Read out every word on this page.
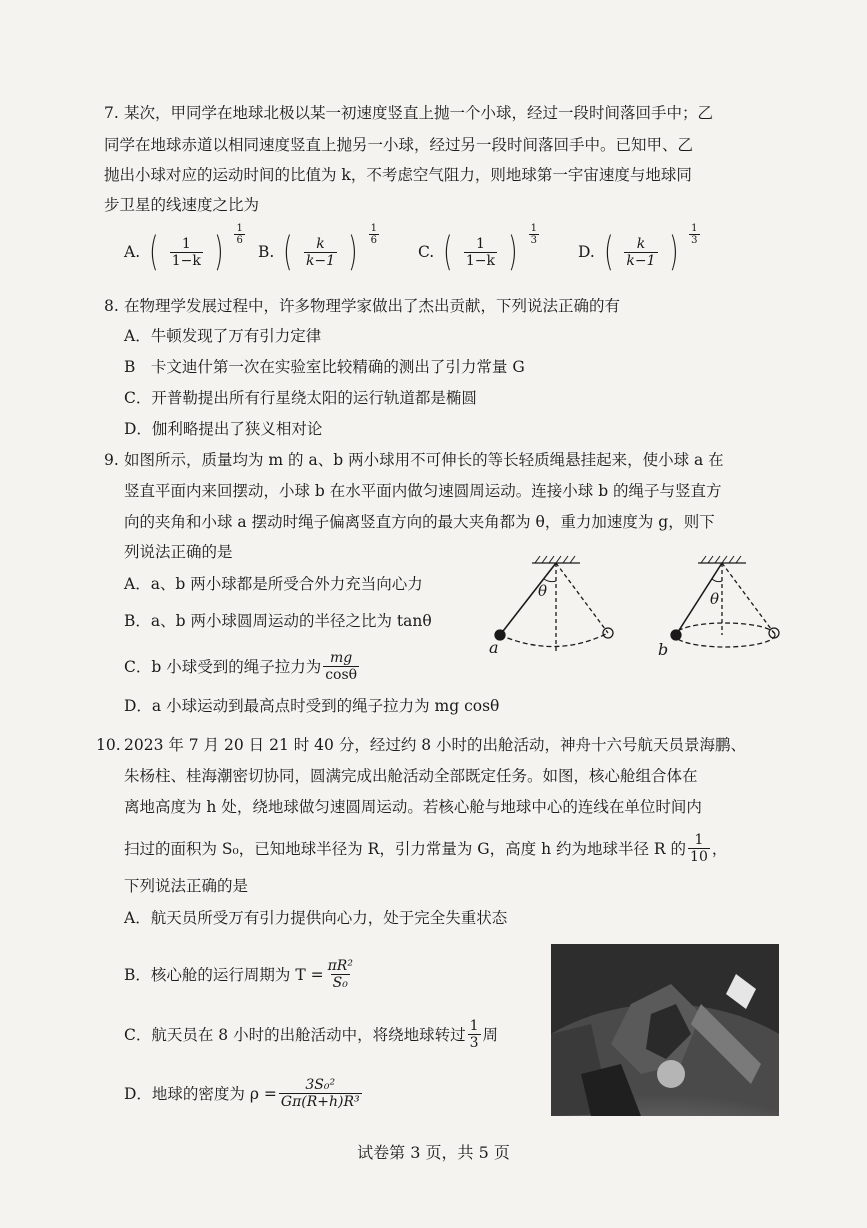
7. 某次，甲同学在地球北极以某一初速度竖直上抛一个小球，经过一段时间落回手中；乙
同学在地球赤道以相同速度竖直上抛另一小球，经过另一段时间落回手中。已知甲、乙
抛出小球对应的运动时间的比值为 k，不考虑空气阻力，则地球第一宇宙速度与地球同
步卫星的线速度之比为
A. ( $\frac{1}{1-k}$ ) $\frac{1}{6}$
B. ( $\frac{k}{k-1}$ ) $\frac{1}{6}$
C. ( $\frac{1}{1-k}$ ) $\frac{1}{3}$
D. ( $\frac{k}{k-1}$ ) $\frac{1}{3}$
8. 在物理学发展过程中，许多物理学家做出了杰出贡献，下列说法正确的有
A．牛顿发现了万有引力定律
B　卡文迪什第一次在实验室比较精确的测出了引力常量 G
C．开普勒提出所有行星绕太阳的运行轨道都是椭圆
D．伽利略提出了狭义相对论
9. 如图所示，质量均为 m 的 a、b 两小球用不可伸长的等长轻质绳悬挂起来，使小球 a 在
竖直平面内来回摆动，小球 b 在水平面内做匀速圆周运动。连接小球 b 的绳子与竖直方
向的夹角和小球 a 摆动时绳子偏离竖直方向的最大夹角都为 θ，重力加速度为 g，则下
列说法正确的是
A．a、b 两小球都是所受合外力充当向心力
B．a、b 两小球圆周运动的半径之比为 tanθ
C．b 小球受到的绳子拉力为 $\frac{mg}{\cos\theta}$
D．a 小球运动到最高点时受到的绳子拉力为 mg cosθ
θ	θ
a	b
10. 2023 年 7 月 20 日 21 时 40 分，经过约 8 小时的出舱活动，神舟十六号航天员景海鹏、
朱杨柱、桂海潮密切协同，圆满完成出舱活动全部既定任务。如图，核心舱组合体在
离地高度为 h 处，绕地球做匀速圆周运动。若核心舱与地球中心的连线在单位时间内
扫过的面积为 S₀，已知地球半径为 R，引力常量为 G，高度 h 约为地球半径 R 的 $\frac{1}{10}$ ，
下列说法正确的是
A．航天员所受万有引力提供向心力，处于完全失重状态
B．核心舱的运行周期为 $T = \frac{\text{πR²}}{\text{S₀}}$
C．航天员在 8 小时的出舱活动中，将绕地球转过 $\frac{1}{3}$ 周
D．地球的密度为 $\rho = \frac{\text{3S₀²}}{\text{Gπ(R+h)R³}}$
试卷第 3 页，共 5 页
